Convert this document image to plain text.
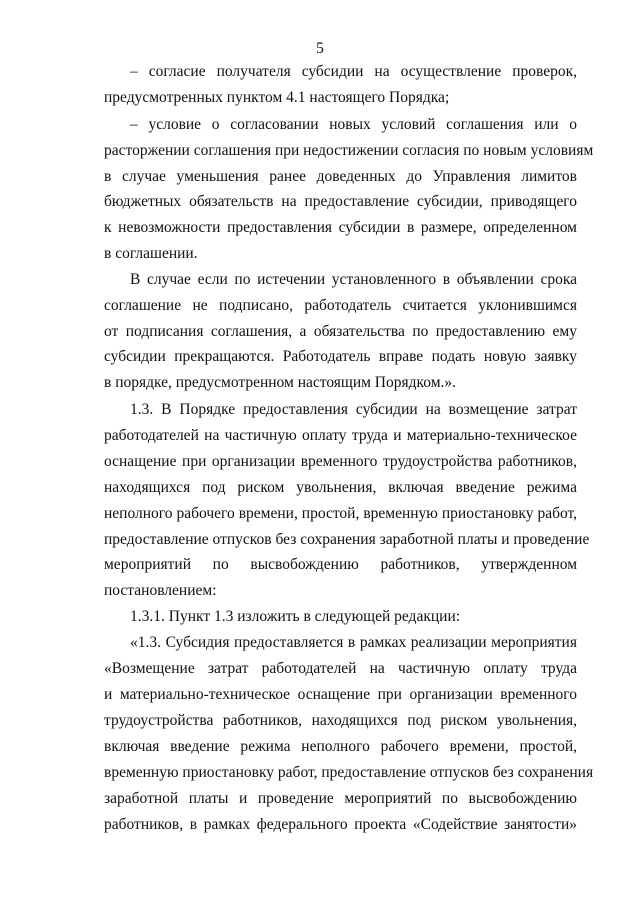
5
– согласие получателя субсидии на осуществление проверок,
предусмотренных пунктом 4.1 настоящего Порядка;
– условие о согласовании новых условий соглашения или о
расторжении соглашения при недостижении согласия по новым условиям
в случае уменьшения ранее доведенных до Управления лимитов
бюджетных обязательств на предоставление субсидии, приводящего
к невозможности предоставления субсидии в размере, определенном
в соглашении.
В случае если по истечении установленного в объявлении срока
соглашение не подписано, работодатель считается уклонившимся
от подписания соглашения, а обязательства по предоставлению ему
субсидии прекращаются. Работодатель вправе подать новую заявку
в порядке, предусмотренном настоящим Порядком.».
1.3. В Порядке предоставления субсидии на возмещение затрат
работодателей на частичную оплату труда и материально-техническое
оснащение при организации временного трудоустройства работников,
находящихся под риском увольнения, включая введение режима
неполного рабочего времени, простой, временную приостановку работ,
предоставление отпусков без сохранения заработной платы и проведение
мероприятий по высвобождению работников, утвержденном
постановлением:
1.3.1. Пункт 1.3 изложить в следующей редакции:
«1.3. Субсидия предоставляется в рамках реализации мероприятия
«Возмещение затрат работодателей на частичную оплату труда
и материально-техническое оснащение при организации временного
трудоустройства работников, находящихся под риском увольнения,
включая введение режима неполного рабочего времени, простой,
временную приостановку работ, предоставление отпусков без сохранения
заработной платы и проведение мероприятий по высвобождению
работников, в рамках федерального проекта «Содействие занятости»
